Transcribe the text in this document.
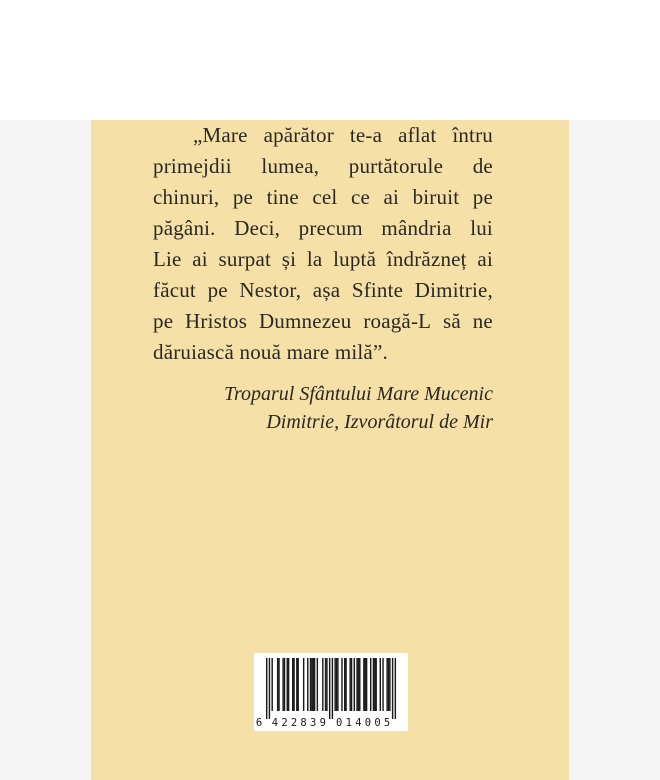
„Mare apărător te-a aflat întru
primejdii lumea, purtătorule de
chinuri, pe tine cel ce ai biruit pe
păgâni. Deci, precum mândria lui
Lie ai surpat și la luptă îndrăzneț ai
făcut pe Nestor, așa Sfinte Dimitrie,
pe Hristos Dumnezeu roagă-L să ne
dăruiască nouă mare milă”.
Troparul Sfântului Mare Mucenic
Dimitrie, Izvorâtorul de Mir
6 4 2 2 8 3 9 0 1 4 0 0 5
